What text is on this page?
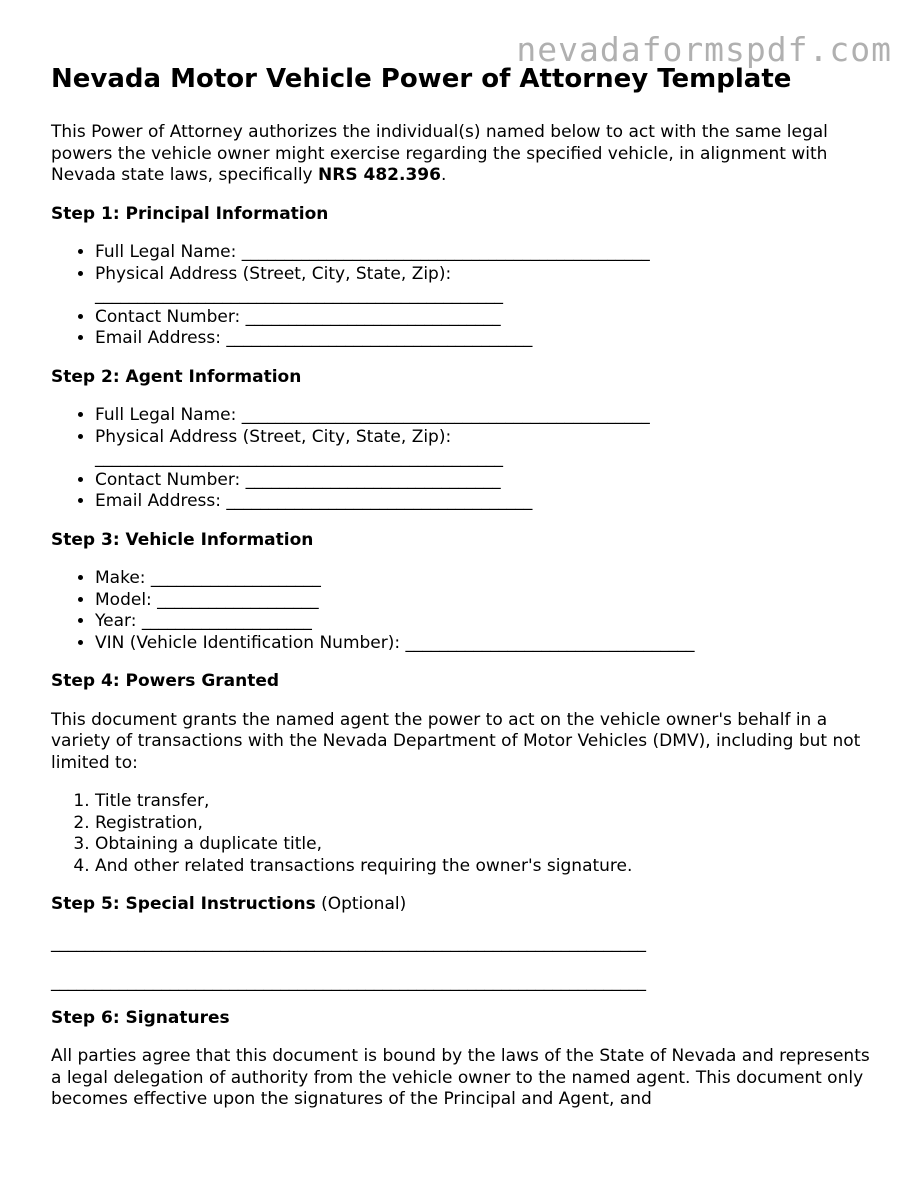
nevadaformspdf.com
Nevada Motor Vehicle Power of Attorney Template

This Power of Attorney authorizes the individual(s) named below to act with the same legal powers the vehicle owner might exercise regarding the specified vehicle, in alignment with Nevada state laws, specifically NRS 482.396.

Step 1: Principal Information
• Full Legal Name: ________________________________________________
• Physical Address (Street, City, State, Zip): ________________________________________________
• Contact Number: ______________________________
• Email Address: ____________________________________
Step 2: Agent Information
• Full Legal Name: ________________________________________________
• Physical Address (Street, City, State, Zip): ________________________________________________
• Contact Number: ______________________________
• Email Address: ____________________________________
Step 3: Vehicle Information
• Make: ____________________
• Model: ___________________
• Year: ____________________
• VIN (Vehicle Identification Number): __________________________________
Step 4: Powers Granted

This document grants the named agent the power to act on the vehicle owner's behalf in a variety of transactions with the Nevada Department of Motor Vehicles (DMV), including but not limited to:

1. Title transfer,
2. Registration,
3. Obtaining a duplicate title,
4. And other related transactions requiring the owner's signature.
Step 5: Special Instructions (Optional)
______________________________________________________________________
______________________________________________________________________
Step 6: Signatures

All parties agree that this document is bound by the laws of the State of Nevada and represents a legal delegation of authority from the vehicle owner to the named agent. This document only becomes effective upon the signatures of the Principal and Agent, and
